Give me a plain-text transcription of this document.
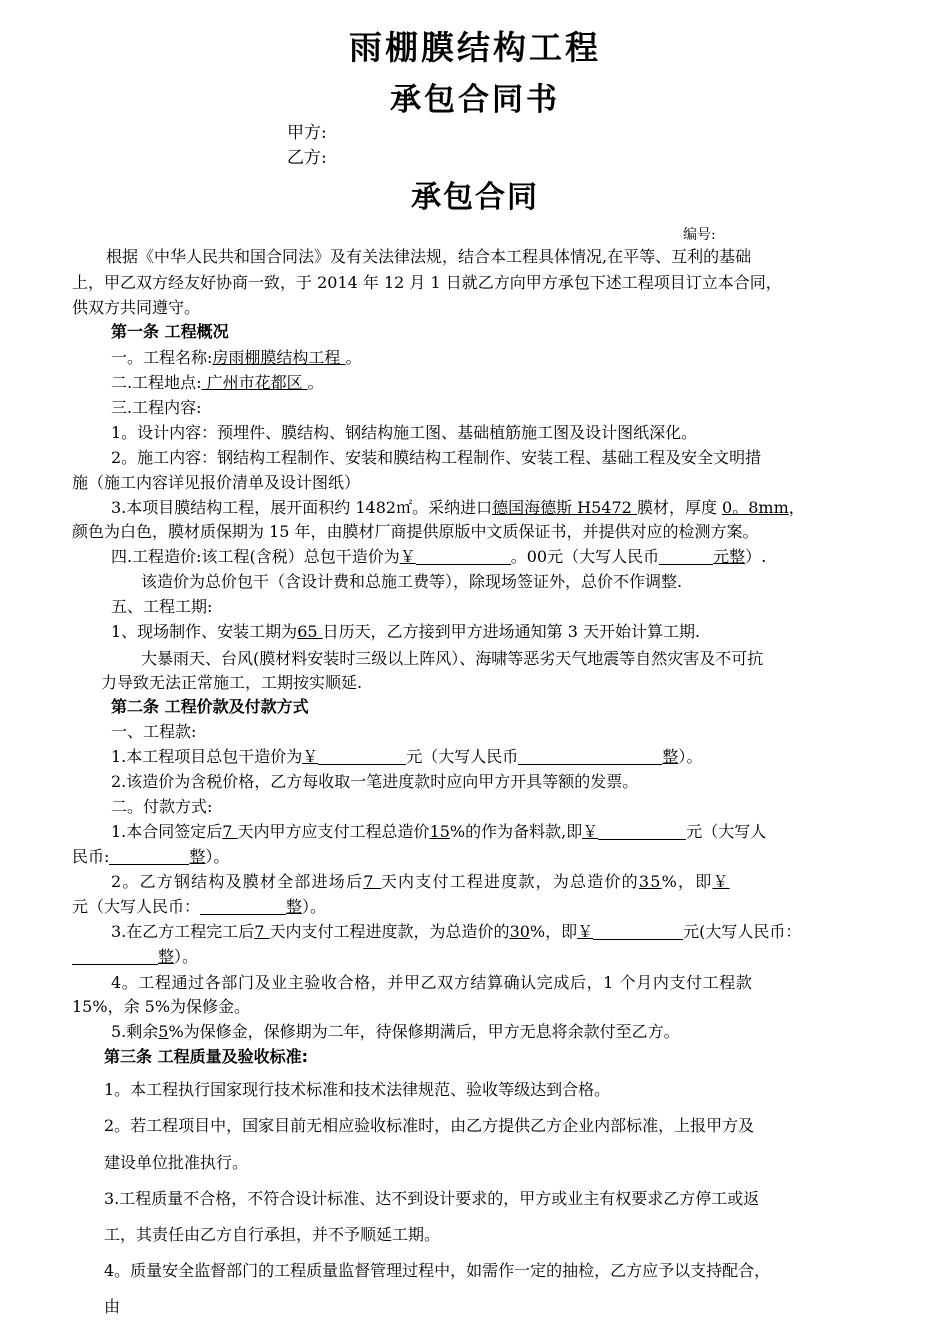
雨棚膜结构工程
承包合同书
甲方:
乙方:
承包合同
编号:
根据《中华人民共和国合同法》及有关法律法规，结合本工程具体情况,在平等、互利的基础
上，甲乙双方经友好协商一致，于 2014 年 12 月 1 日就乙方向甲方承包下述工程项目订立本合同，
供双方共同遵守。
第一条 工程概况
一。工程名称:房雨棚膜结构工程 。
二.工程地点: 广州市花都区 。
三.工程内容:
1。设计内容：预埋件、膜结构、钢结构施工图、基础植筋施工图及设计图纸深化。
2。施工内容：钢结构工程制作、安装和膜结构工程制作、安装工程、基础工程及安全文明措
施（施工内容详见报价清单及设计图纸）
3.本项目膜结构工程，展开面积约 1482㎡。采纳进口德国海德斯 H5472 膜材，厚度 0。8mm，
颜色为白色，膜材质保期为 15 年，由膜材厂商提供原版中文质保证书，并提供对应的检测方案。
四.工程造价:该工程(含税）总包干造价为￥	。00元（大写人民币	元整）.
该造价为总价包干（含设计费和总施工费等），除现场签证外，总价不作调整.
五、工程工期:
1、现场制作、安装工期为65 日历天，乙方接到甲方进场通知第 3 天开始计算工期.
大暴雨天、台风(膜材料安装时三级以上阵风）、海啸等恶劣天气地震等自然灾害及不可抗
力导致无法正常施工，工期按实顺延.
第二条 工程价款及付款方式
一、工程款:
1.本工程项目总包干造价为￥	元（大写人民币	整）。
2.该造价为含税价格，乙方每收取一笔进度款时应向甲方开具等额的发票。
二。付款方式:
1.本合同签定后7 天内甲方应支付工程总造价15%的作为备料款,即￥	元（大写人
民币:	整）。
2。乙方钢结构及膜材全部进场后7 天内支付工程进度款，为总造价的35%，即￥
元（大写人民币：	整）。
3.在乙方工程完工后7 天内支付工程进度款，为总造价的30%，即￥	元(大写人民币：
整）。
4。工程通过各部门及业主验收合格，并甲乙双方结算确认完成后，1 个月内支付工程款
15%，余 5%为保修金。
5.剩余5%为保修金，保修期为二年，待保修期满后，甲方无息将余款付至乙方。
第三条 工程质量及验收标准:
1。本工程执行国家现行技术标准和技术法律规范、验收等级达到合格。
2。若工程项目中，国家目前无相应验收标准时，由乙方提供乙方企业内部标准，上报甲方及
建设单位批准执行。
3.工程质量不合格，不符合设计标准、达不到设计要求的，甲方或业主有权要求乙方停工或返
工，其责任由乙方自行承担，并不予顺延工期。
4。质量安全监督部门的工程质量监督管理过程中，如需作一定的抽检，乙方应予以支持配合，
由
